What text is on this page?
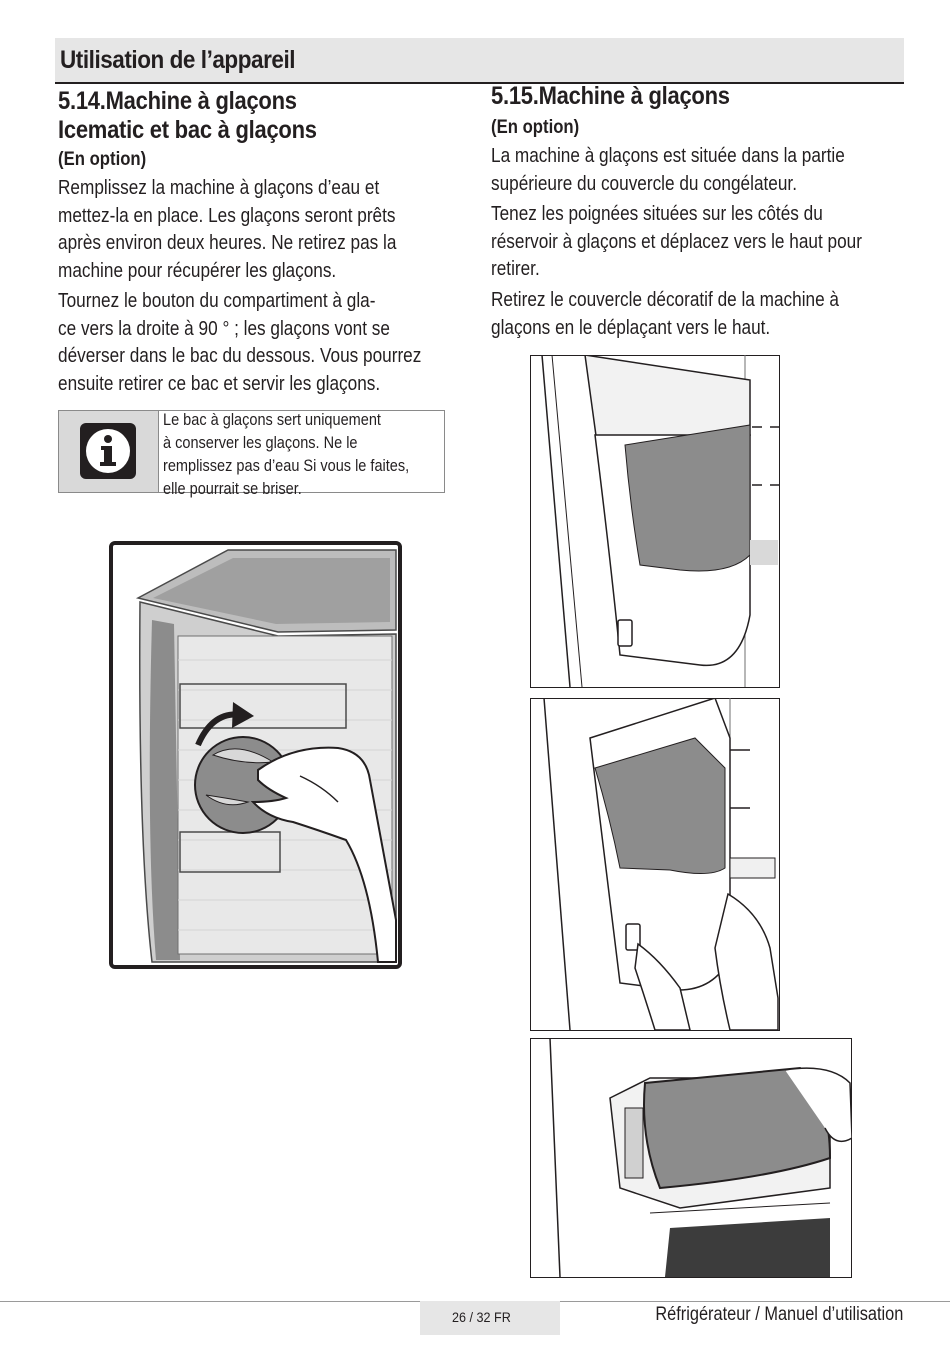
Utilisation de l’appareil
5.14.Machine à glaçons
Icematic et bac à glaçons
(En option)
Remplissez la machine à glaçons d’eau et
mettez-la en place. Les glaçons seront prêts
après environ deux heures. Ne retirez pas la
machine pour récupérer les glaçons.
Tournez le bouton du compartiment à gla-
ce vers la droite à 90 ° ; les glaçons vont se
déverser dans le bac du dessous. Vous pourrez
ensuite retirer ce bac et servir les glaçons.
Le bac à glaçons sert uniquement
à conserver les glaçons. Ne le
remplissez pas d’eau Si vous le faites,
elle pourrait se briser.
5.15.Machine à glaçons
(En option)
La machine à glaçons est située dans la partie
supérieure du couvercle du congélateur.
Tenez les poignées situées sur les côtés du
réservoir à glaçons et déplacez vers le haut pour
retirer.
Retirez le couvercle décoratif de la machine à
glaçons en le déplaçant vers le haut.
26 / 32 FR	Réfrigérateur / Manuel d’utilisation
